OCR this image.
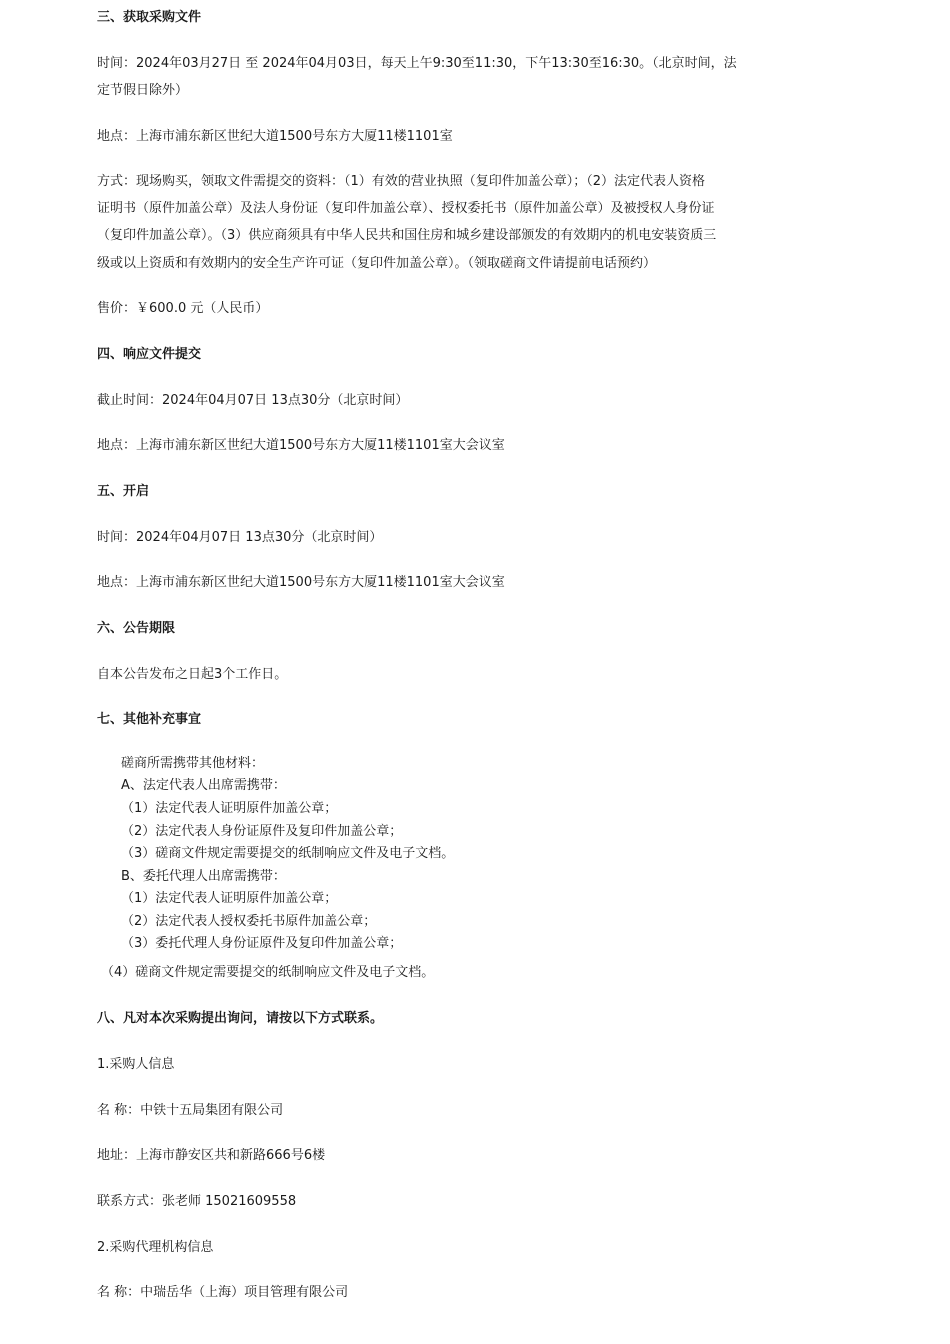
三、获取采购文件
时间：2024年03月27日 至 2024年04月03日，每天上午9:30至11:30，下午13:30至16:30。（北京时间，法
定节假日除外）
地点：上海市浦东新区世纪大道1500号东方大厦11楼1101室
方式：现场购买，领取文件需提交的资料：（1）有效的营业执照（复印件加盖公章）；（2）法定代表人资格
证明书（原件加盖公章）及法人身份证（复印件加盖公章）、授权委托书（原件加盖公章）及被授权人身份证
（复印件加盖公章）。（3）供应商须具有中华人民共和国住房和城乡建设部颁发的有效期内的机电安装资质三
级或以上资质和有效期内的安全生产许可证（复印件加盖公章）。（领取磋商文件请提前电话预约）
售价：￥600.0 元（人民币）
四、响应文件提交
截止时间：2024年04月07日 13点30分（北京时间）
地点：上海市浦东新区世纪大道1500号东方大厦11楼1101室大会议室
五、开启
时间：2024年04月07日 13点30分（北京时间）
地点：上海市浦东新区世纪大道1500号东方大厦11楼1101室大会议室
六、公告期限
自本公告发布之日起3个工作日。
七、其他补充事宜
磋商所需携带其他材料：
A、法定代表人出席需携带：
（1）法定代表人证明原件加盖公章；
（2）法定代表人身份证原件及复印件加盖公章；
（3）磋商文件规定需要提交的纸制响应文件及电子文档。
B、委托代理人出席需携带：
（1）法定代表人证明原件加盖公章；
（2）法定代表人授权委托书原件加盖公章；
（3）委托代理人身份证原件及复印件加盖公章；
（4）磋商文件规定需要提交的纸制响应文件及电子文档。
八、凡对本次采购提出询问，请按以下方式联系。
1.采购人信息
名 称：中铁十五局集团有限公司
地址：上海市静安区共和新路666号6楼
联系方式：张老师 15021609558
2.采购代理机构信息
名 称：中瑞岳华（上海）项目管理有限公司
